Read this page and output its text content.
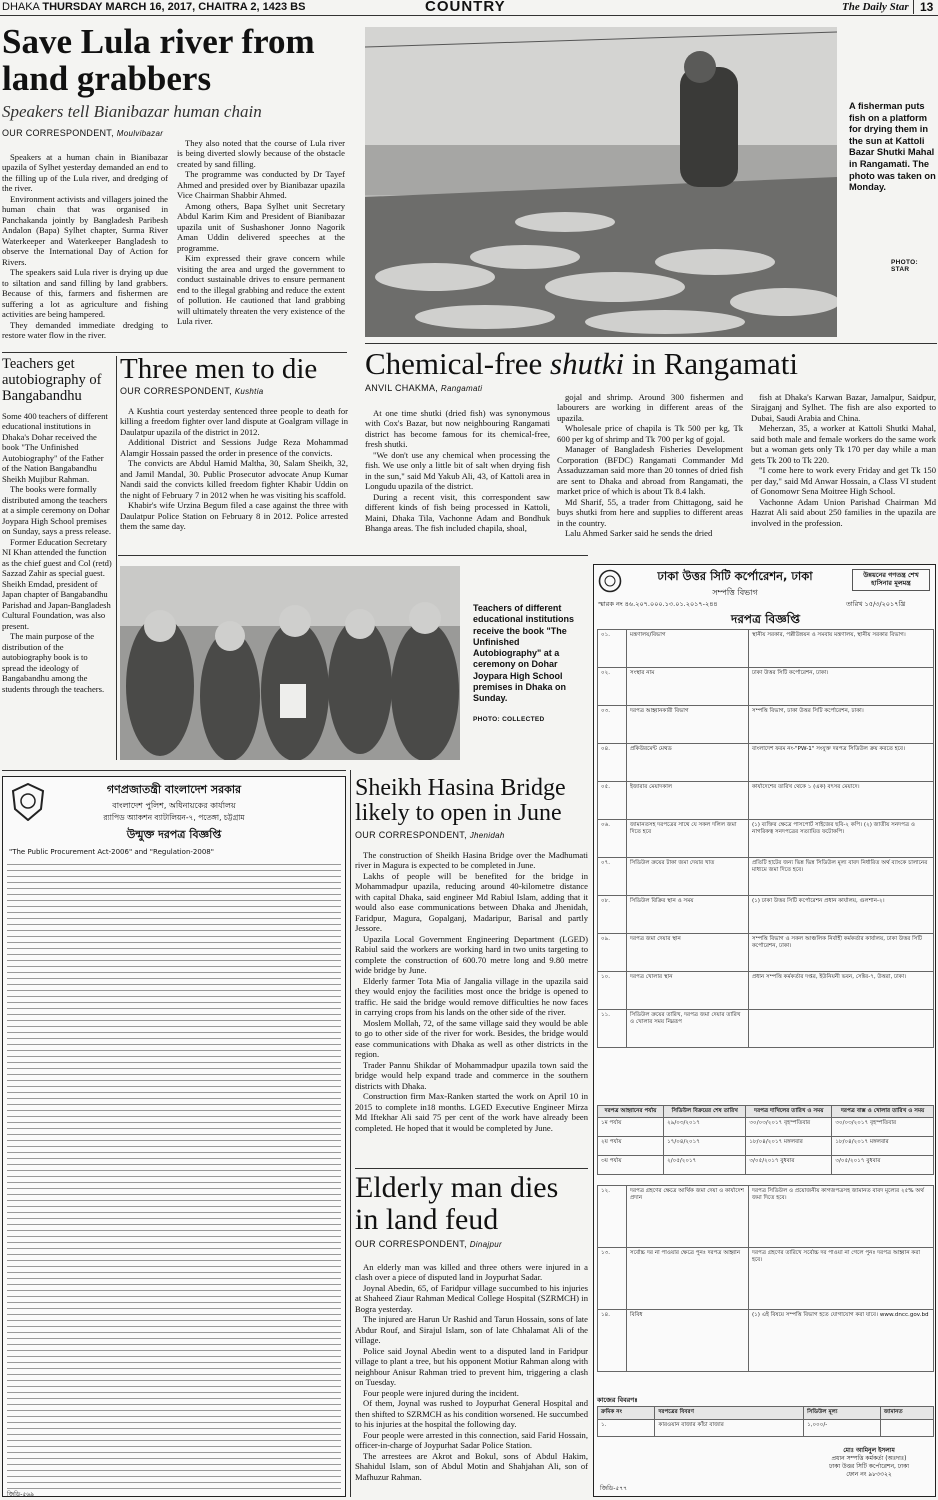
DHAKA THURSDAY MARCH 16, 2017, CHAITRA 2, 1423 BS	COUNTRY	The Daily Star 13
Save Lula river from land grabbers
Speakers tell Bianibazar human chain
OUR CORRESPONDENT, Moulvibazar

Speakers at a human chain in Bianibazar upazila of Sylhet yesterday demanded an end to the filling up of the Lula river, and dredging of the river.

Environment activists and villagers joined the human chain that was organised in Panchakanda jointly by Bangladesh Paribesh Andalon (Bapa) Sylhet chapter, Surma River Waterkeeper and Waterkeeper Bangladesh to observe the International Day of Action for Rivers.

The speakers said Lula river is drying up due to siltation and sand filling by land grabbers. Because of this, farmers and fishermen are suffering a lot as agriculture and fishing activities are being hampered.

They demanded immediate dredging to restore water flow in the river.

They also noted that the course of Lula river is being diverted slowly because of the obstacle created by sand filling.

The programme was conducted by Dr Tayef Ahmed and presided over by Bianibazar upazila Vice Chairman Shabbir Ahmed.

Among others, Bapa Sylhet unit Secretary Abdul Karim Kim and President of Bianibazar upazila unit of Sushashoner Jonno Nagorik Aman Uddin delivered speeches at the programme.

Kim expressed their grave concern while visiting the area and urged the government to conduct sustainable drives to ensure permanent end to the illegal grabbing and reduce the extent of pollution. He cautioned that land grabbing will ultimately threaten the very existence of the Lula river.

A fisherman puts fish on a platform for drying them in the sun at Kattoli Bazar Shutki Mahal in Rangamati. The photo was taken on Monday.
PHOTO: STAR
Teachers get autobiography of Bangabandhu

Some 400 teachers of different educational institutions in Dhaka's Dohar received the book "The Unfinished Autobiography" of the Father of the Nation Bangabandhu Sheikh Mujibur Rahman.

The books were formally distributed among the teachers at a simple ceremony on Dohar Joypara High School premises on Sunday, says a press release.

Former Education Secretary NI Khan attended the function as the chief guest and Col (retd) Sazzad Zahir as special guest. Sheikh Emdad, president of Japan chapter of Bangabandhu Parishad and Japan-Bangladesh Cultural Foundation, was also present.

The main purpose of the distribution of the autobiography book is to spread the ideology of Bangabandhu among the students through the teachers.

Three men to die
OUR CORRESPONDENT, Kushtia

A Kushtia court yesterday sentenced three people to death for killing a freedom fighter over land dispute at Goalgram village in Daulatpur upazila of the district in 2012.

Additional District and Sessions Judge Reza Mohammad Alamgir Hossain passed the order in presence of the convicts.

The convicts are Abdul Hamid Maltha, 30, Salam Sheikh, 32, and Jamil Mandal, 30. Public Prosecutor advocate Anup Kumar Nandi said the convicts killed freedom fighter Khabir Uddin on the night of February 7 in 2012 when he was visiting his scaffold.

Khabir's wife Urzina Begum filed a case against the three with Daulatpur Police Station on February 8 in 2012. Police arrested them the same day.

Chemical-free shutki in Rangamati
ANVIL CHAKMA, Rangamati

At one time shutki (dried fish) was synonymous with Cox's Bazar, but now neighbouring Rangamati district has become famous for its chemical-free, fresh shutki.

"We don't use any chemical when processing the fish. We use only a little bit of salt when drying fish in the sun," said Md Yakub Ali, 43, of Kattoli area in Longudu upazila of the district.

During a recent visit, this correspondent saw different kinds of fish being processed in Kattoli, Maini, Dhaka Tila, Vachonne Adam and Bondhuk Bhanga areas. The fish included chapila, shoal,

gojal and shrimp. Around 300 fishermen and labourers are working in different areas of the upazila.

Wholesale price of chapila is Tk 500 per kg, Tk 600 per kg of shrimp and Tk 700 per kg of gojal.

Manager of Bangladesh Fisheries Development Corporation (BFDC) Rangamati Commander Md Assaduzzaman said more than 20 tonnes of dried fish are sent to Dhaka and abroad from Rangamati, the market price of which is about Tk 8.4 lakh.

Md Sharif, 55, a trader from Chittagong, said he buys shutki from here and supplies to different areas in the country.

Lalu Ahmed Sarker said he sends the dried

fish at Dhaka's Karwan Bazar, Jamalpur, Saidpur, Sirajganj and Sylhet. The fish are also exported to Dubai, Saudi Arabia and China.

Meherzan, 35, a worker at Kattoli Shutki Mahal, said both male and female workers do the same work but a woman gets only Tk 170 per day while a man gets Tk 200 to Tk 220.

"I come here to work every Friday and get Tk 150 per day," said Md Anwar Hossain, a Class VI student of Gonomowr Sena Moitree High School.

Vachonne Adam Union Parishad Chairman Md Hazrat Ali said about 250 families in the upazila are involved in the profession.

Teachers of different educational institutions receive the book "The Unfinished Autobiography" at a ceremony on Dohar Joypara High School premises in Dhaka on Sunday.
PHOTO: COLLECTED
গণপ্রজাতন্ত্রী বাংলাদেশ সরকার
বাংলাদেশ পুলিশ, অধিনায়কের কার্যালয়
র‌্যাপিড অ্যাকশন ব্যাটালিয়ন-৭, পতেঙ্গা, চট্টগ্রাম
উন্মুক্ত দরপত্র বিজ্ঞপ্তি
"The Public Procurement Act-2006" and "Regulation-2008"
জিডি-৫৬৯
Sheikh Hasina Bridge likely to open in June
OUR CORRESPONDENT, Jhenidah

The construction of Sheikh Hasina Bridge over the Madhumati river in Magura is expected to be completed in June.

Lakhs of people will be benefited for the bridge in Mohammadpur upazila, reducing around 40-kilometre distance with capital Dhaka, said engineer Md Rabiul Islam, adding that it would also ease communications between Dhaka and Jhenidah, Faridpur, Magura, Gopalganj, Madaripur, Barisal and partly Jessore.

Upazila Local Government Engineering Department (LGED) Rabiul said the workers are working hard in two units targeting to complete the construction of 600.70 metre long and 9.80 metre wide bridge by June.

Elderly farmer Tota Mia of Jangalia village in the upazila said they would enjoy the facilities most once the bridge is opened to traffic. He said the bridge would remove difficulties he now faces in carrying crops from his lands on the other side of the river.

Moslem Mollah, 72, of the same village said they would be able to go to other side of the river for work. Besides, the bridge would ease communications with Dhaka as well as other districts in the region.

Trader Pannu Shikdar of Mohammadpur upazila town said the bridge would help expand trade and commerce in the southern districts with Dhaka.

Construction firm Max-Ranken started the work on April 10 in 2015 to complete in18 months. LGED Executive Engineer Mirza Md Iftekhar Ali said 75 per cent of the work have already been completed. He hoped that it would be completed by June.

Elderly man dies in land feud
OUR CORRESPONDENT, Dinajpur

An elderly man was killed and three others were injured in a clash over a piece of disputed land in Joypurhat Sadar.

Joynal Abedin, 65, of Faridpur village succumbed to his injuries at Shaheed Ziaur Rahman Medical College Hospital (SZRMCH) in Bogra yesterday.

The injured are Harun Ur Rashid and Tarun Hossain, sons of late Abdur Rouf, and Sirajul Islam, son of late Chhalamat Ali of the village.

Police said Joynal Abedin went to a disputed land in Faridpur village to plant a tree, but his opponent Motiur Rahman along with neighbour Anisur Rahman tried to prevent him, triggering a clash on Tuesday.

Four people were injured during the incident.

Of them, Joynal was rushed to Joypurhat General Hospital and then shifted to SZRMCH as his condition worsened. He succumbed to his injuries at the hospital the following day.

Four people were arrested in this connection, said Farid Hossain, officer-in-charge of Joypurhat Sadar Police Station.

The arrestees are Akrot and Bokul, sons of Abdul Hakim, Shahidul Islam, son of Abdul Motin and Shahjahan Ali, son of Mafhuzur Rahman.

ঢাকা উত্তর সিটি কর্পোরেশন, ঢাকা
সম্পত্তি বিভাগ
উন্নয়নের গণতন্ত্র শেখ হাসিনার মূলমন্ত্র
স্মারক নং ৪৬.২০৭.০০০.১৩.০১.২০১৭-২৪৪	তারিখ ১৫/৩/২০১৭খ্রি
দরপত্র বিজ্ঞপ্তি
০১.	মন্ত্রণালয়/বিভাগ	স্থানীয় সরকার, পল্লীউন্নয়ন ও সমবায় মন্ত্রণালয়, স্থানীয় সরকার বিভাগ।
০২.	সংস্থার নাম	ঢাকা উত্তর সিটি কর্পোরেশন, ঢাকা।
০৩.	দরপত্র আহ্বানকারী বিভাগ	সম্পত্তি বিভাগ, ঢাকা উত্তর সিটি কর্পোরেশন, ঢাকা।
০৪.	প্রকিউরমেন্ট মেথড	বাংলাদেশ ফরম নং-"PW-1" সংযুক্ত দরপত্র সিডিউল ক্রয় করতে হবে।
০৫.	ইজারার মেয়াদকাল	কার্যাদেশের তারিখ থেকে ১ (এক) বৎসর মেয়াদে।
০৬.	জামানতসহ দরপত্রের সাথে যে সকল দলিল জমা দিতে হবে	(১) ব্যক্তির ক্ষেত্রে পাসপোর্ট সাইজের ছবি-২ কপি। (২) জাতীয় সনদপত্র ও নাগরিকত্ব সনদপত্রের সত্যায়িত ফটোকপি।
০৭.	সিডিউল ক্রয়ের টাকা জমা দেয়ার খাত	প্রতিটি হাটের জন্য ভিন্ন ভিন্ন সিডিউল মূল্য বাবদ নির্ধারিত অর্থ ব্যাংকে চালানের মাধ্যমে জমা দিতে হবে।
০৮.	সিডিউল বিক্রির স্থান ও সময়	(১) ঢাকা উত্তর সিটি কর্পোরেশন প্রধান কার্যালয়, গুলশান-২।
০৯.	দরপত্র জমা দেয়ার স্থান	সম্পত্তি বিভাগ ও সকল আঞ্চলিক নির্বাহী কর্মকর্তার কার্যালয়, ঢাকা উত্তর সিটি কর্পোরেশন, ঢাকা।
১০.	দরপত্র খোলার স্থান	প্রধান সম্পত্তি কর্মকর্তার দপ্তর, ইউনিয়নী ভবন, সেক্টর-৭, উত্তরা, ঢাকা।
১১.	সিডিউল ক্রয়ের তারিখ, দরপত্র জমা দেয়ার তারিখ ও খোলার সময় নিম্নরূপ	
দরপত্র আহ্বানের পর্যায়	সিডিউল বিক্রয়ের শেষ তারিখ	দরপত্র দাখিলের তারিখ ও সময়	দরপত্র বাক্স ও খোলার তারিখ ও সময়
১ম পর্যায়	২৯/০৩/২০১৭	৩০/০৩/২০১৭ বৃহস্পতিবার	৩০/০৩/২০১৭ বৃহস্পতিবার
২য় পর্যায়	১৭/০৪/২০১৭	১৮/০৪/২০১৭ মঙ্গলবার	১৮/০৪/২০১৭ মঙ্গলবার
৩য় পর্যায়	২/০৫/২০১৭	৩/০৫/২০১৭ বুধবার	৩/০৫/২০১৭ বুধবার
১২.	দরপত্র গ্রহণের ক্ষেত্রে আর্থিক জমা দেয়া ও কার্যাদেশ প্রদান	দরপত্র সিডিউল ও প্রয়োজনীয় কাগজপত্রসহ জামানত বাবদ মূল্যের ২৫% অর্থ জমা দিতে হবে।
১৩.	সর্বোচ্চ দর না পাওয়ার ক্ষেত্রে পুনঃ দরপত্র আহ্বান	দরপত্র গ্রহণের তারিখে সর্বোচ্চ দর পাওয়া না গেলে পুনঃ দরপত্র আহ্বান করা হবে।
১৪.	বিবিধ	(১) এই বিষয়ে সম্পত্তি বিভাগ হতে যোগাযোগ করা যাবে। www.dncc.gov.bd
কাজের বিবরণঃ
ক্রমিক নং	দরপত্রের বিবরণ	সিডিউল মূল্য	জামানত
১.	কারওয়ান বাজার কাঁচা বাজার	১,০০০/-	
মোঃ আমিনুল ইসলাম
প্রধান সম্পত্তি কর্মকর্তা (অঃদাঃ)
ঢাকা উত্তর সিটি কর্পোরেশন, ঢাকা
ফোন নং ৯৮৩৩২২
জিডি-৫৭৭
